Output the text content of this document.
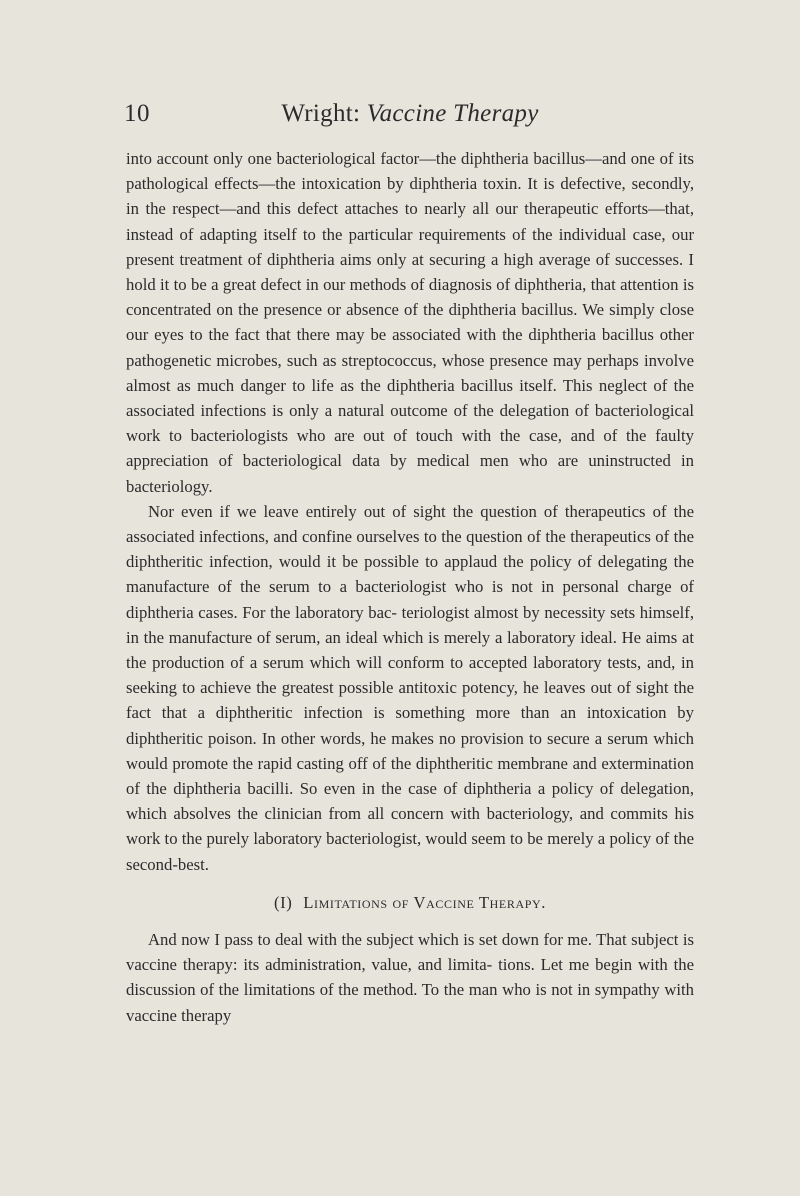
10	Wright: Vaccine Therapy

into account only one bacteriological factor—the diphtheria bacillus—and one of its pathological effects—the intoxication by diphtheria toxin. It is defective, secondly, in the respect—and this defect attaches to nearly all our therapeutic efforts—that, instead of adapting itself to the particular requirements of the individual case, our present treatment of diphtheria aims only at securing a high average of successes. I hold it to be a great defect in our methods of diagnosis of diphtheria, that attention is concentrated on the presence or absence of the diphtheria bacillus. We simply close our eyes to the fact that there may be associated with the diphtheria bacillus other pathogenetic microbes, such as streptococcus, whose presence may perhaps involve almost as much danger to life as the diphtheria bacillus itself. This neglect of the associated infections is only a natural outcome of the delegation of bacteriological work to bacteriologists who are out of touch with the case, and of the faulty appreciation of bacteriological data by medical men who are uninstructed in bacteriology.

Nor even if we leave entirely out of sight the question of therapeutics of the associated infections, and confine ourselves to the question of the therapeutics of the diphtheritic infection, would it be possible to applaud the policy of delegating the manufacture of the serum to a bacteriologist who is not in personal charge of diphtheria cases. For the laboratory bac- teriologist almost by necessity sets himself, in the manufacture of serum, an ideal which is merely a laboratory ideal. He aims at the production of a serum which will conform to accepted laboratory tests, and, in seeking to achieve the greatest possible antitoxic potency, he leaves out of sight the fact that a diphtheritic infection is something more than an intoxication by diphtheritic poison. In other words, he makes no provision to secure a serum which would promote the rapid casting off of the diphtheritic membrane and extermination of the diphtheria bacilli. So even in the case of diphtheria a policy of delegation, which absolves the clinician from all concern with bacteriology, and commits his work to the purely laboratory bacteriologist, would seem to be merely a policy of the second-best.

(I) Limitations of Vaccine Therapy.

And now I pass to deal with the subject which is set down for me. That subject is vaccine therapy: its administration, value, and limita- tions. Let me begin with the discussion of the limitations of the method. To the man who is not in sympathy with vaccine therapy
